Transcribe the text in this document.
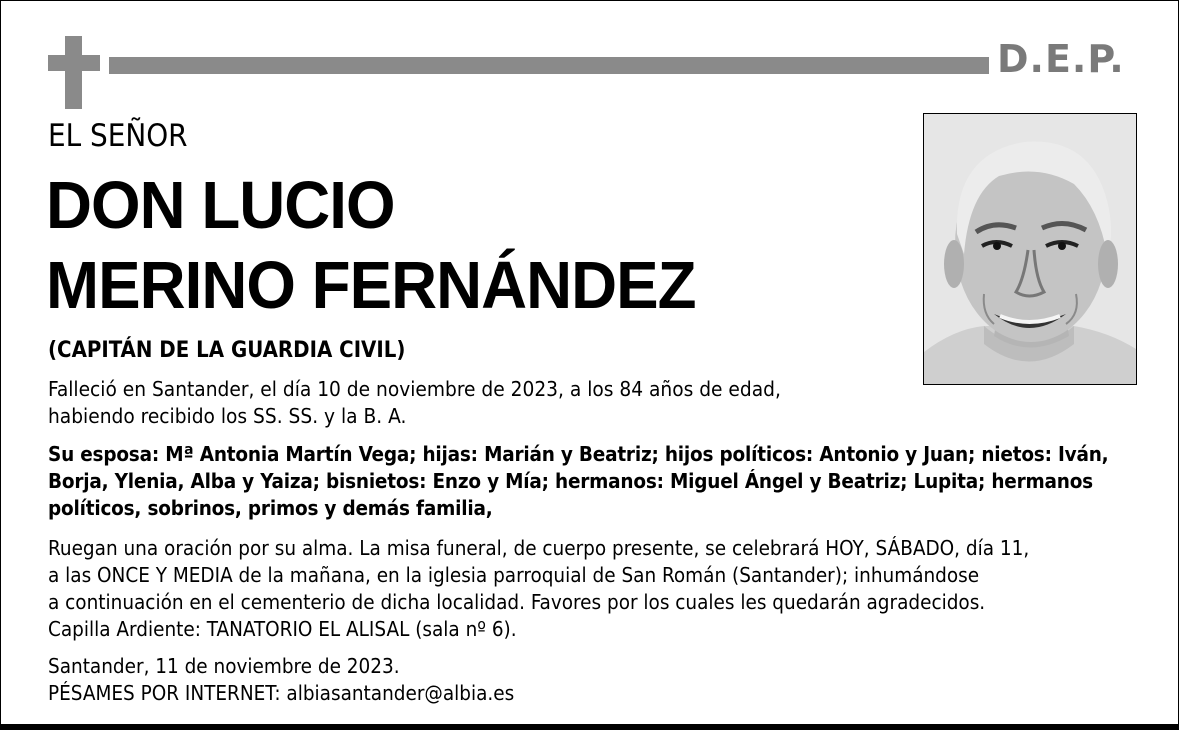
D.E.P.
EL SEÑOR
DON LUCIO
MERINO FERNÁNDEZ
(CAPITÁN DE LA GUARDIA CIVIL)
Falleció en Santander, el día 10 de noviembre de 2023, a los 84 años de edad,
habiendo recibido los SS. SS. y la B. A.
Su esposa: Mª Antonia Martín Vega; hijas: Marián y Beatriz; hijos políticos: Antonio y Juan; nietos: Iván,
Borja, Ylenia, Alba y Yaiza; bisnietos: Enzo y Mía; hermanos: Miguel Ángel y Beatriz; Lupita; hermanos
políticos, sobrinos, primos y demás familia,
Ruegan una oración por su alma. La misa funeral, de cuerpo presente, se celebrará HOY, SÁBADO, día 11,
a las ONCE Y MEDIA de la mañana, en la iglesia parroquial de San Román (Santander); inhumándose
a continuación en el cementerio de dicha localidad. Favores por los cuales les quedarán agradecidos.
Capilla Ardiente: TANATORIO EL ALISAL (sala nº 6).
Santander, 11 de noviembre de 2023.
PÉSAMES POR INTERNET: albiasantander@albia.es
